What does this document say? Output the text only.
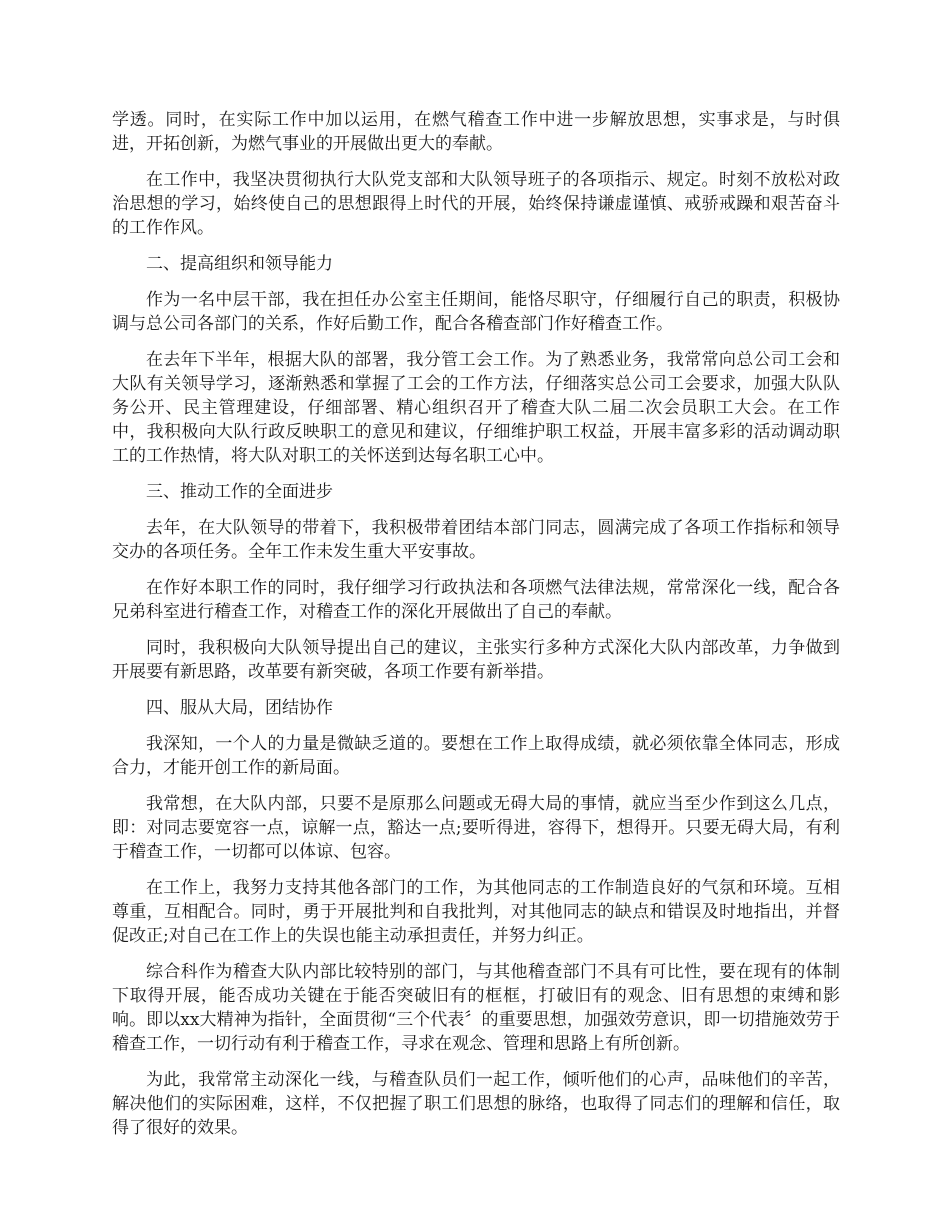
学透。同时，在实际工作中加以运用，在燃气稽查工作中进一步解放思想，实事求是，与时俱进，开拓创新，为燃气事业的开展做出更大的奉献。

在工作中，我坚决贯彻执行大队党支部和大队领导班子的各项指示、规定。时刻不放松对政治思想的学习，始终使自己的思想跟得上时代的开展，始终保持谦虚谨慎、戒骄戒躁和艰苦奋斗的工作作风。

二、提高组织和领导能力

作为一名中层干部，我在担任办公室主任期间，能恪尽职守，仔细履行自己的职责，积极协调与总公司各部门的关系，作好后勤工作，配合各稽查部门作好稽查工作。

在去年下半年，根据大队的部署，我分管工会工作。为了熟悉业务，我常常向总公司工会和大队有关领导学习，逐渐熟悉和掌握了工会的工作方法，仔细落实总公司工会要求，加强大队队务公开、民主管理建设，仔细部署、精心组织召开了稽查大队二届二次会员职工大会。在工作中，我积极向大队行政反映职工的意见和建议，仔细维护职工权益，开展丰富多彩的活动调动职工的工作热情，将大队对职工的关怀送到达每名职工心中。

三、推动工作的全面进步

去年，在大队领导的带着下，我积极带着团结本部门同志，圆满完成了各项工作指标和领导交办的各项任务。全年工作未发生重大平安事故。

在作好本职工作的同时，我仔细学习行政执法和各项燃气法律法规，常常深化一线，配合各兄弟科室进行稽查工作，对稽查工作的深化开展做出了自己的奉献。

同时，我积极向大队领导提出自己的建议，主张实行多种方式深化大队内部改革，力争做到开展要有新思路，改革要有新突破，各项工作要有新举措。

四、服从大局，团结协作

我深知，一个人的力量是微缺乏道的。要想在工作上取得成绩，就必须依靠全体同志，形成合力，才能开创工作的新局面。

我常想，在大队内部，只要不是原那么问题或无碍大局的事情，就应当至少作到这么几点，即：对同志要宽容一点，谅解一点，豁达一点;要听得进，容得下，想得开。只要无碍大局，有利于稽查工作，一切都可以体谅、包容。

在工作上，我努力支持其他各部门的工作，为其他同志的工作制造良好的气氛和环境。互相尊重，互相配合。同时，勇于开展批判和自我批判，对其他同志的缺点和错误及时地指出，并督促改正;对自己在工作上的失误也能主动承担责任，并努力纠正。

综合科作为稽查大队内部比较特别的部门，与其他稽查部门不具有可比性，要在现有的体制下取得开展，能否成功关键在于能否突破旧有的框框，打破旧有的观念、旧有思想的束缚和影响。即以xx大精神为指针，全面贯彻“三个代表〞的重要思想，加强效劳意识，即一切措施效劳于稽查工作，一切行动有利于稽查工作，寻求在观念、管理和思路上有所创新。

为此，我常常主动深化一线，与稽查队员们一起工作，倾听他们的心声，品味他们的辛苦，解决他们的实际困难，这样，不仅把握了职工们思想的脉络，也取得了同志们的理解和信任，取得了很好的效果。
